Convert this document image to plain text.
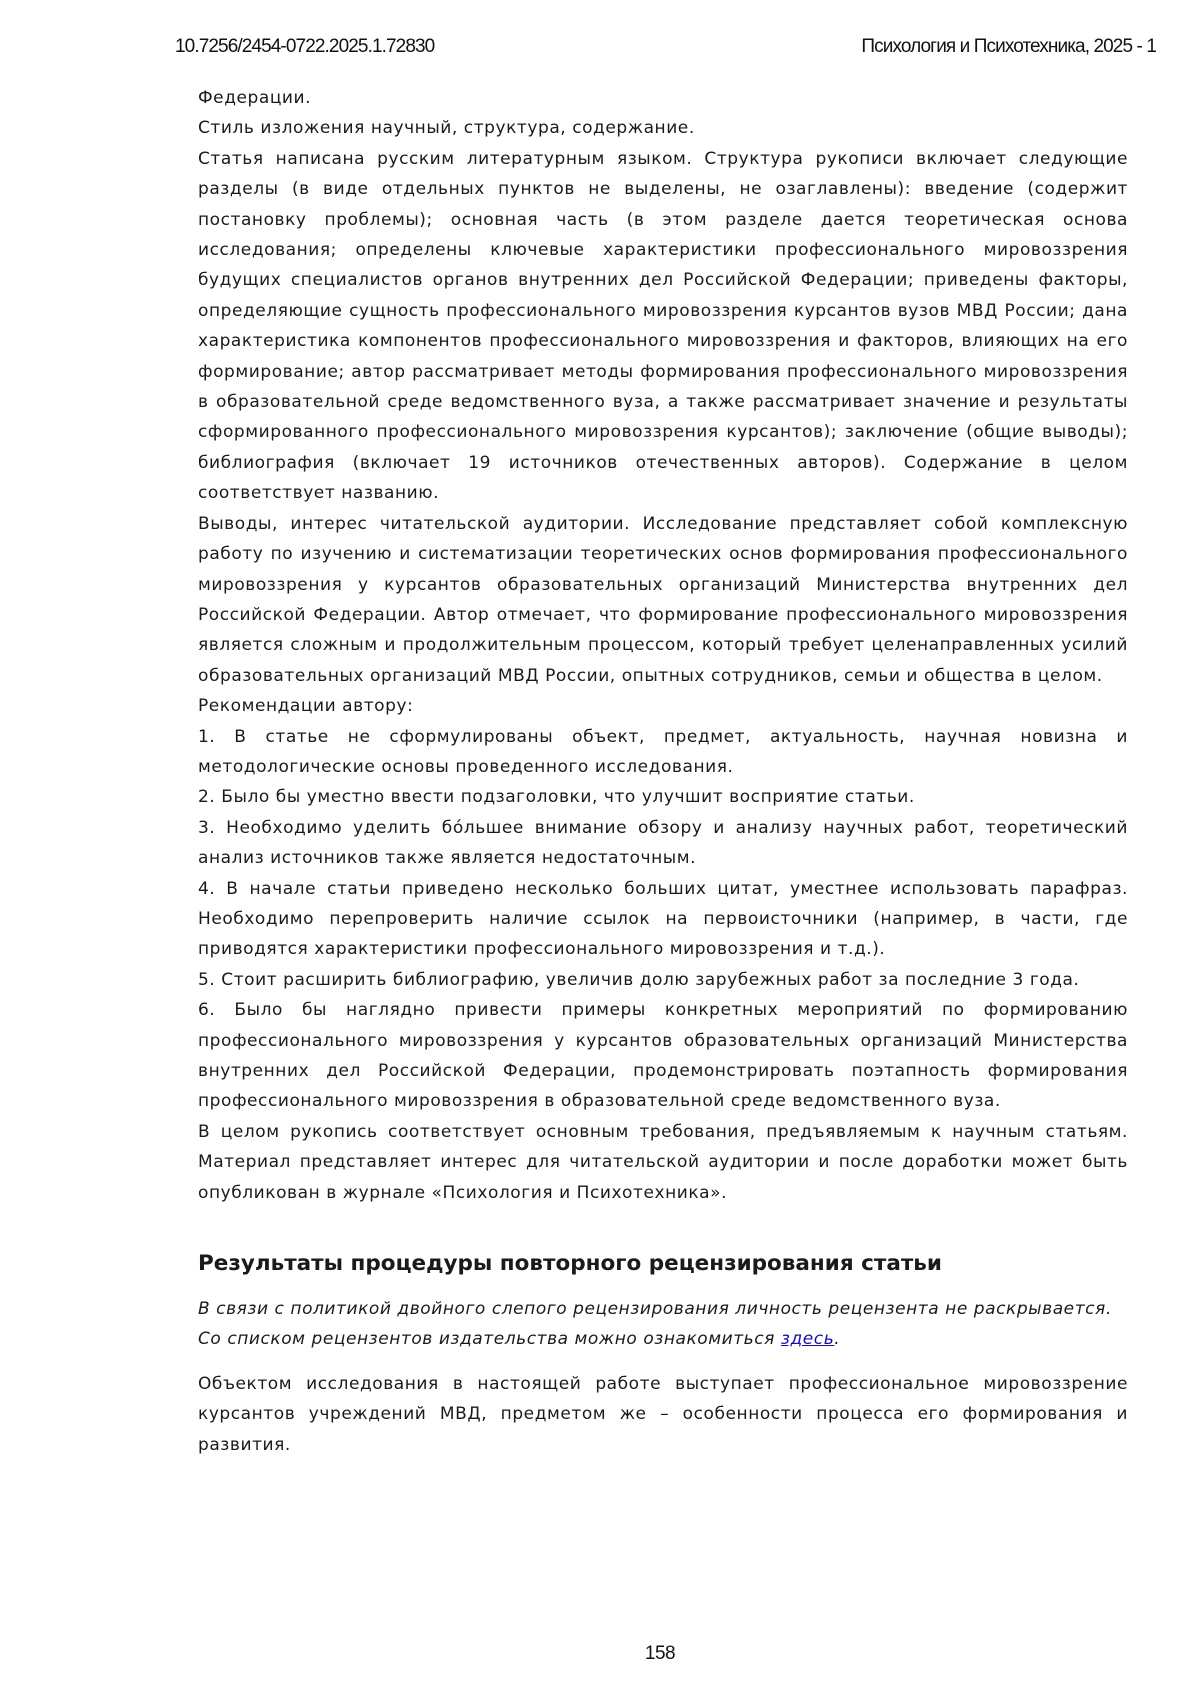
10.7256/2454-0722.2025.1.72830	Психология и Психотехника, 2025 - 1

Федерации.

Стиль изложения научный, структура, содержание.

Статья написана русским литературным языком. Структура рукописи включает следующие разделы (в виде отдельных пунктов не выделены, не озаглавлены): введение (содержит постановку проблемы); основная часть (в этом разделе дается теоретическая основа исследования; определены ключевые характеристики профессионального мировоззрения будущих специалистов органов внутренних дел Российской Федерации; приведены факторы, определяющие сущность профессионального мировоззрения курсантов вузов МВД России; дана характеристика компонентов профессионального мировоззрения и факторов, влияющих на его формирование; автор рассматривает методы формирования профессионального мировоззрения в образовательной среде ведомственного вуза, а также рассматривает значение и результаты сформированного профессионального мировоззрения курсантов); заключение (общие выводы); библиография (включает 19 источников отечественных авторов). Содержание в целом соответствует названию.

Выводы, интерес читательской аудитории. Исследование представляет собой комплексную работу по изучению и систематизации теоретических основ формирования профессионального мировоззрения у курсантов образовательных организаций Министерства внутренних дел Российской Федерации. Автор отмечает, что формирование профессионального мировоззрения является сложным и продолжительным процессом, который требует целенаправленных усилий образовательных организаций МВД России, опытных сотрудников, семьи и общества в целом.

Рекомендации автору:

1. В статье не сформулированы объект, предмет, актуальность, научная новизна и методологические основы проведенного исследования.

2. Было бы уместно ввести подзаголовки, что улучшит восприятие статьи.

3. Необходимо уделить бóльшее внимание обзору и анализу научных работ, теоретический анализ источников также является недостаточным.

4. В начале статьи приведено несколько больших цитат, уместнее использовать парафраз. Необходимо перепроверить наличие ссылок на первоисточники (например, в части, где приводятся характеристики профессионального мировоззрения и т.д.).

5. Стоит расширить библиографию, увеличив долю зарубежных работ за последние 3 года.

6. Было бы наглядно привести примеры конкретных мероприятий по формированию профессионального мировоззрения у курсантов образовательных организаций Министерства внутренних дел Российской Федерации, продемонстрировать поэтапность формирования профессионального мировоззрения в образовательной среде ведомственного вуза.

В целом рукопись соответствует основным требования, предъявляемым к научным статьям. Материал представляет интерес для читательской аудитории и после доработки может быть опубликован в журнале «Психология и Психотехника».

Результаты процедуры повторного рецензирования статьи

В связи с политикой двойного слепого рецензирования личность рецензента не раскрывается.

Со списком рецензентов издательства можно ознакомиться здесь.

Объектом исследования в настоящей работе выступает профессиональное мировоззрение курсантов учреждений МВД, предметом же – особенности процесса его формирования и развития.

158
